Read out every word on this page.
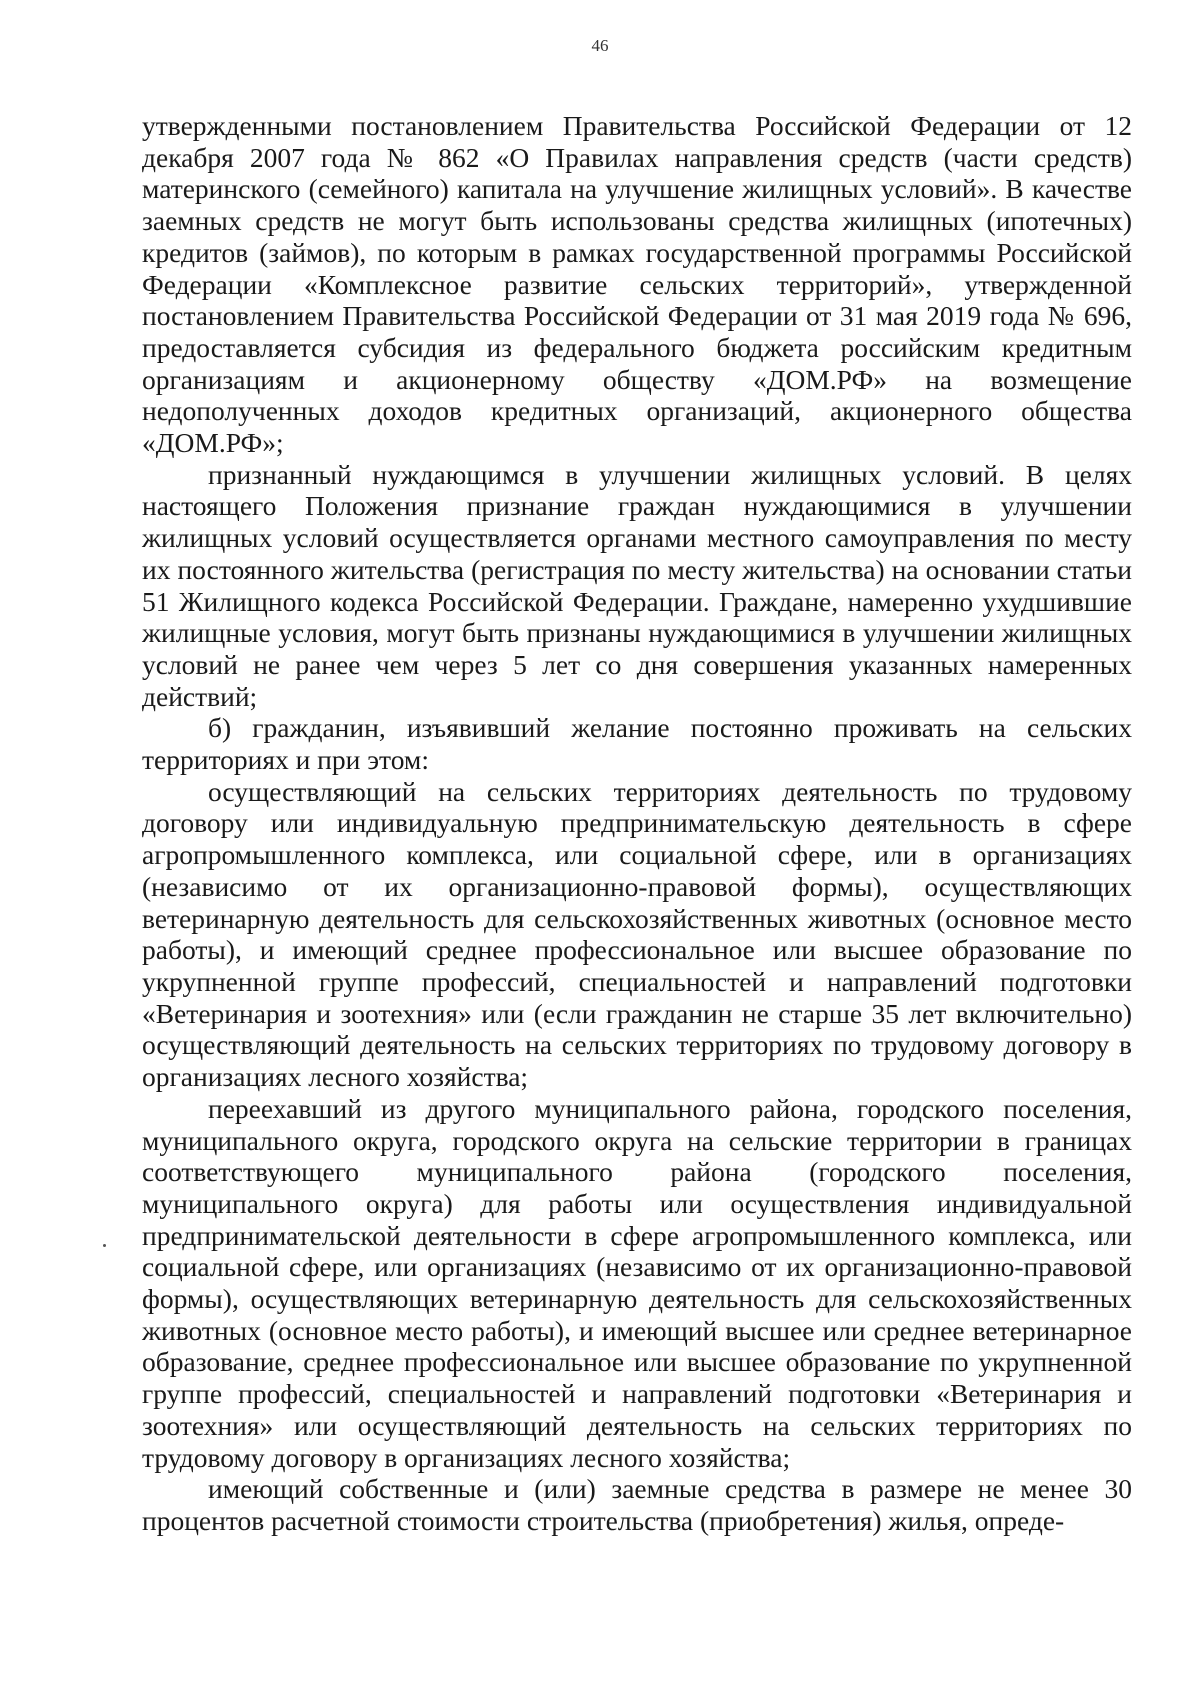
46

утвержденными постановлением Правительства Российской Федерации от 12 декабря 2007 года № 862 «О Правилах направления средств (части средств) материнского (семейного) капитала на улучшение жилищных условий». В качестве заемных средств не могут быть использованы средства жилищных (ипотечных) кредитов (займов), по которым в рамках государственной программы Российской Федерации «Комплексное развитие сельских территорий», утвержденной постановлением Правительства Российской Федерации от 31 мая 2019 года № 696, предоставляется субсидия из федерального бюджета российским кредитным организациям и акционерному обществу «ДОМ.РФ» на возмещение недополученных доходов кредитных организаций, акционерного общества «ДОМ.РФ»;

признанный нуждающимся в улучшении жилищных условий. В целях настоящего Положения признание граждан нуждающимися в улучшении жилищных условий осуществляется органами местного самоуправления по месту их постоянного жительства (регистрация по месту жительства) на основании статьи 51 Жилищного кодекса Российской Федерации. Граждане, намеренно ухудшившие жилищные условия, могут быть признаны нуждающимися в улучшении жилищных условий не ранее чем через 5 лет со дня совершения указанных намеренных действий;

б) гражданин, изъявивший желание постоянно проживать на сельских территориях и при этом:

осуществляющий на сельских территориях деятельность по трудовому договору или индивидуальную предпринимательскую деятельность в сфере агропромышленного комплекса, или социальной сфере, или в организациях (независимо от их организационно-правовой формы), осуществляющих ветеринарную деятельность для сельскохозяйственных животных (основное место работы), и имеющий среднее профессиональное или высшее образование по укрупненной группе профессий, специальностей и направлений подготовки «Ветеринария и зоотехния» или (если гражданин не старше 35 лет включительно) осуществляющий деятельность на сельских территориях по трудовому договору в организациях лесного хозяйства;

переехавший из другого муниципального района, городского поселения, муниципального округа, городского округа на сельские территории в границах соответствующего муниципального района (городского поселения, муниципального округа) для работы или осуществления индивидуальной предпринимательской деятельности в сфере агропромышленного комплекса, или социальной сфере, или организациях (независимо от их организационно-правовой формы), осуществляющих ветеринарную деятельность для сельскохозяйственных животных (основное место работы), и имеющий высшее или среднее ветеринарное образование, среднее профессиональное или высшее образование по укрупненной группе профессий, специальностей и направлений подготовки «Ветеринария и зоотехния» или осуществляющий деятельность на сельских территориях по трудовому договору в организациях лесного хозяйства;

имеющий собственные и (или) заемные средства в размере не менее 30 процентов расчетной стоимости строительства (приобретения) жилья, опреде-
